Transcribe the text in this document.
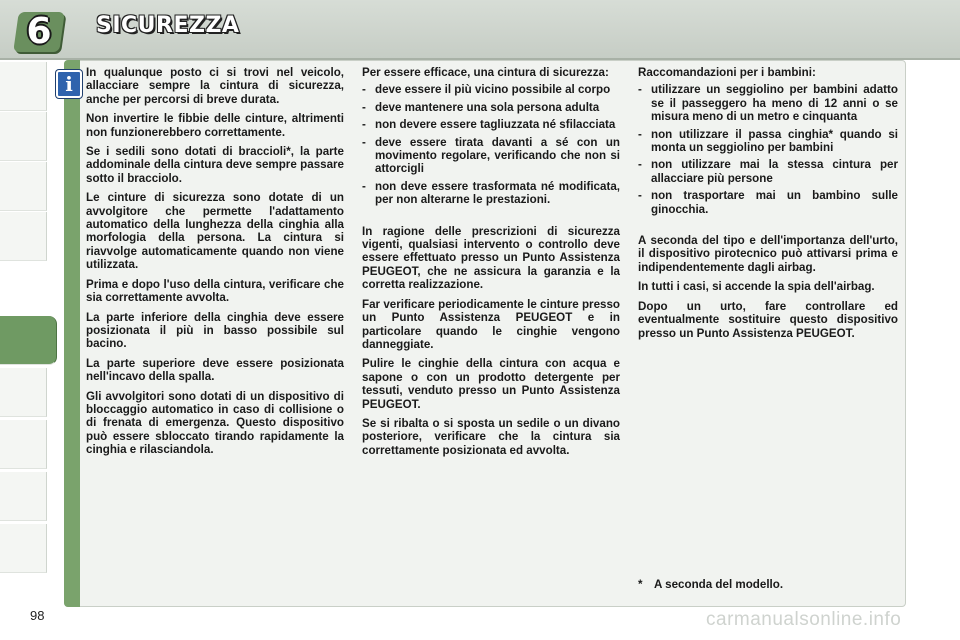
6	SICUREZZA
i	In qualunque posto ci si trovi nel veicolo, allacciare sempre la cintura di sicurezza, anche per percorsi di breve durata.

Non invertire le fibbie delle cinture, altrimenti non funzionerebbero correttamente.

Se i sedili sono dotati di braccioli*, la parte addominale della cintura deve sempre passare sotto il bracciolo.

Le cinture di sicurezza sono dotate di un avvolgitore che permette l'adattamento automatico della lunghezza della cinghia alla morfologia della persona. La cintura si riavvolge automaticamente quando non viene utilizzata.

Prima e dopo l'uso della cintura, verificare che sia correttamente avvolta.

La parte inferiore della cinghia deve essere posizionata il più in basso possibile sul bacino.

La parte superiore deve essere posizionata nell'incavo della spalla.

Gli avvolgitori sono dotati di un dispositivo di bloccaggio automatico in caso di collisione o di frenata di emergenza. Questo dispositivo può essere sbloccato tirando rapidamente la cinghia e rilasciandola.

Per essere efficace, una cintura di sicurezza:

- deve essere il più vicino possibile al corpo
- deve mantenere una sola persona adulta
- non devere essere tagliuzzata né sfilacciata
- deve essere tirata davanti a sé con un movimento regolare, verificando che non si attorcigli
- non deve essere trasformata né modificata, per non alterarne le prestazioni.

In ragione delle prescrizioni di sicurezza vigenti, qualsiasi intervento o controllo deve essere effettuato presso un Punto Assistenza PEUGEOT, che ne assicura la garanzia e la corretta realizzazione.

Far verificare periodicamente le cinture presso un Punto Assistenza PEUGEOT e in particolare quando le cinghie vengono danneggiate.

Pulire le cinghie della cintura con acqua e sapone o con un prodotto detergente per tessuti, venduto presso un Punto Assistenza PEUGEOT.

Se si ribalta o si sposta un sedile o un divano posteriore, verificare che la cintura sia correttamente posizionata ed avvolta.

Raccomandazioni per i bambini:

- utilizzare un seggiolino per bambini adatto se il passeggero ha meno di 12 anni o se misura meno di un metro e cinquanta
- non utilizzare il passa cinghia* quando si monta un seggiolino per bambini
- non utilizzare mai la stessa cintura per allacciare più persone
- non trasportare mai un bambino sulle ginocchia.

A seconda del tipo e dell'importanza dell'urto, il dispositivo pirotecnico può attivarsi prima e indipendentemente dagli airbag.

In tutti i casi, si accende la spia dell'airbag.

Dopo un urto, fare controllare ed eventualmente sostituire questo dispositivo presso un Punto Assistenza PEUGEOT.

* A seconda del modello.
98	carmanualsonline.info
